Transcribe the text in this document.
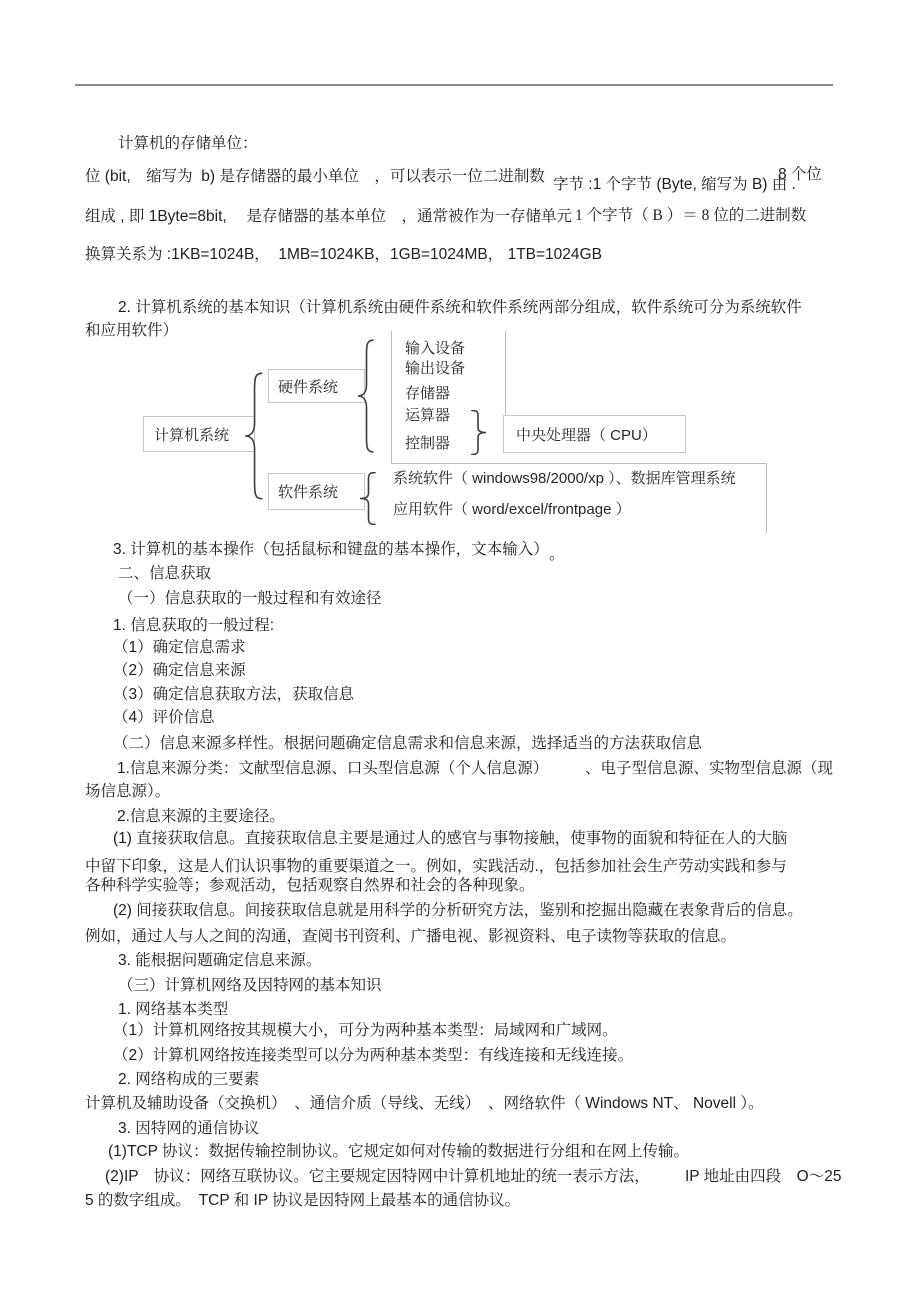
计算机的存储单位：
位 (bit,　缩写为  b) 是存储器的最小单位　，可以表示一位二进制数　．
字节 :1 个字节 (Byte, 缩写为 B) 由 .
8 个位
组成 , 即 1Byte=8bit,　 是存储器的基本单位　，通常被作为一存储单元 1 个字节（ B ）＝ 8 位的二进制数
换算关系为 :1KB=1024B，  1MB=1024KB，1GB=1024MB， 1TB=1024GB
2. 计算机系统的基本知识（计算机系统由硬件系统和软件系统两部分组成，软件系统可分为系统软件
和应用软件）
3. 计算机的基本操作（包括鼠标和键盘的基本操作，文本输入） 。
二、信息获取
（一）信息获取的一般过程和有效途径
1. 信息获取的一般过程:
（1）确定信息需求
（2）确定信息来源
（3）确定信息获取方法，获取信息
（4）评价信息
（二）信息来源多样性。根据问题确定信息需求和信息来源，选择适当的方法获取信息
1.信息来源分类：文献型信息源、口头型信息源（个人信息源） 、电子型信息源、实物型信息源（现
场信息源）。
2.信息来源的主要途径。
(1) 直接获取信息。直接获取信息主要是通过人的感官与事物接触，使事物的面貌和特征在人的大脑
中留下印象，这是人们认识事物的重要渠道之一。例如，实践活动.，包括参加社会生产劳动实践和参与
各种科学实验等；参观活动，包括观察自然界和社会的各种现象。
(2) 间接获取信息。间接获取信息就是用科学的分析研究方法，鉴别和挖掘出隐藏在表象背后的信息。
例如，通过人与人之间的沟通，查阅书刊资利、广播电视、影视资料、电子读物等获取的信息。
3. 能根据问题确定信息来源。
（三）计算机网络及因特网的基本知识
1. 网络基本类型
（1）计算机网络按其规模大小，可分为两种基本类型：局域网和广域网。
（2）计算机网络按连接类型可以分为两种基本类型：有线连接和无线连接。
2. 网络构成的三要素
计算机及辅助设备（交换机）　、通信介质（导线、无线）　、网络软件（ Windows NT、 Novell ）。
3. 因特网的通信协议
(1)TCP 协议：数据传输控制协议。它规定如何对传输的数据进行分组和在网上传输。
(2)IP　协议：网络互联协议。它主要规定因特网中计算机地址的统一表示方法， IP 地址由四段　O～25
5 的数字组成。　TCP 和 IP 协议是因特网上最基本的通信协议。
计算机系统
硬件系统
软件系统
中央处理器（ CPU）
输入设备
输出设备
存储器
运算器
控制器
系统软件（ windows98/2000/xp ）、数据库管理系统
应用软件（ word/excel/frontpage ）
